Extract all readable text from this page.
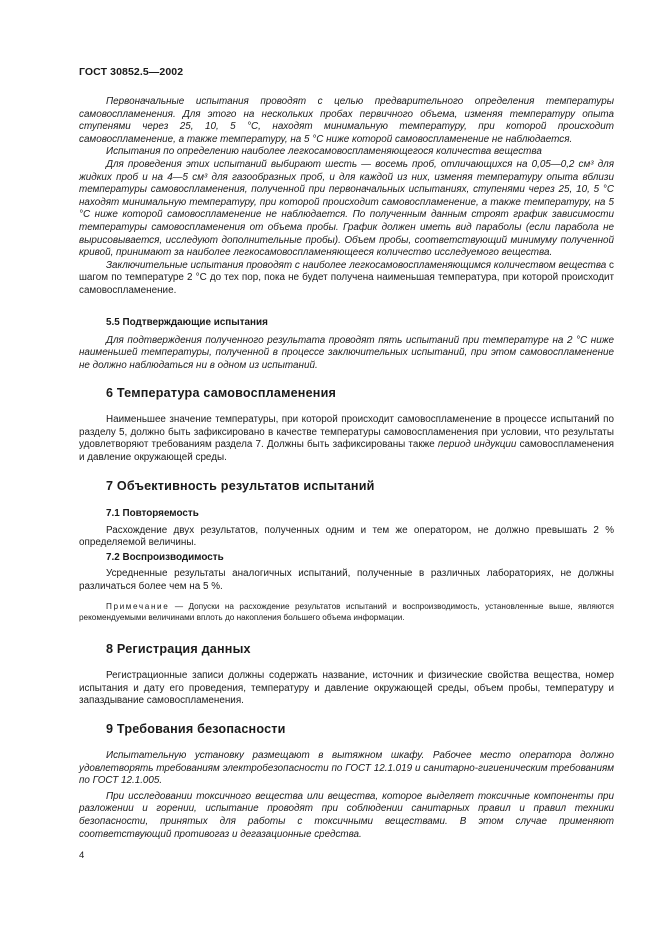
ГОСТ 30852.5—2002

Первоначальные испытания проводят с целью предварительного определения температуры самовоспламенения. Для этого на нескольких пробах первичного объема, изменяя температуру опыта ступенями через 25, 10, 5 °С, находят минимальную температуру, при которой происходит самовоспламенение, а также температуру, на 5 °С ниже которой самовоспламенение не наблюдается.

Испытания по определению наиболее легкосамовоспламеняющегося количества вещества

Для проведения этих испытаний выбирают шесть — восемь проб, отличающихся на 0,05—0,2 см³ для жидких проб и на 4—5 см³ для газообразных проб, и для каждой из них, изменяя температуру опыта вблизи температуры самовоспламенения, полученной при первоначальных испытаниях, ступенями через 25, 10, 5 °С находят минимальную температуру, при которой происходит самовоспламенение, а также температуру, на 5 °С ниже которой самовоспламенение не наблюдается. По полученным данным строят график зависимости температуры самовоспламенения от объема пробы. График должен иметь вид параболы (если парабола не вырисовывается, исследуют дополнительные пробы). Объем пробы, соответствующий минимуму полученной кривой, принимают за наиболее легкосамовоспламеняющееся количество исследуемого вещества.

Заключительные испытания проводят с наиболее легкосамовоспламеняющимся количеством вещества с шагом по температуре 2 °С до тех пор, пока не будет получена наименьшая температура, при которой происходит самовоспламенение.

5.5 Подтверждающие испытания

Для подтверждения полученного результата проводят пять испытаний при температуре на 2 °С ниже наименьшей температуры, полученной в процессе заключительных испытаний, при этом самовоспламенение не должно наблюдаться ни в одном из испытаний.

6 Температура самовоспламенения

Наименьшее значение температуры, при которой происходит самовоспламенение в процессе испытаний по разделу 5, должно быть зафиксировано в качестве температуры самовоспламенения при условии, что результаты удовлетворяют требованиям раздела 7. Должны быть зафиксированы также период индукции самовоспламенения и давление окружающей среды.

7 Объективность результатов испытаний
7.1 Повторяемость

Расхождение двух результатов, полученных одним и тем же оператором, не должно превышать 2 % определяемой величины.

7.2 Воспроизводимость

Усредненные результаты аналогичных испытаний, полученные в различных лабораториях, не должны различаться более чем на 5 %.

Примечание — Допуски на расхождение результатов испытаний и воспроизводимость, установленные выше, являются рекомендуемыми величинами вплоть до накопления большего объема информации.

8 Регистрация данных

Регистрационные записи должны содержать название, источник и физические свойства вещества, номер испытания и дату его проведения, температуру и давление окружающей среды, объем пробы, температуру и запаздывание самовоспламенения.

9 Требования безопасности

Испытательную установку размещают в вытяжном шкафу. Рабочее место оператора должно удовлетворять требованиям электробезопасности по ГОСТ 12.1.019 и санитарно-гигиеническим требованиям по ГОСТ 12.1.005.

При исследовании токсичного вещества или вещества, которое выделяет токсичные компоненты при разложении и горении, испытание проводят при соблюдении санитарных правил и правил техники безопасности, принятых для работы с токсичными веществами. В этом случае применяют соответствующий противогаз и дегазационные средства.

4
